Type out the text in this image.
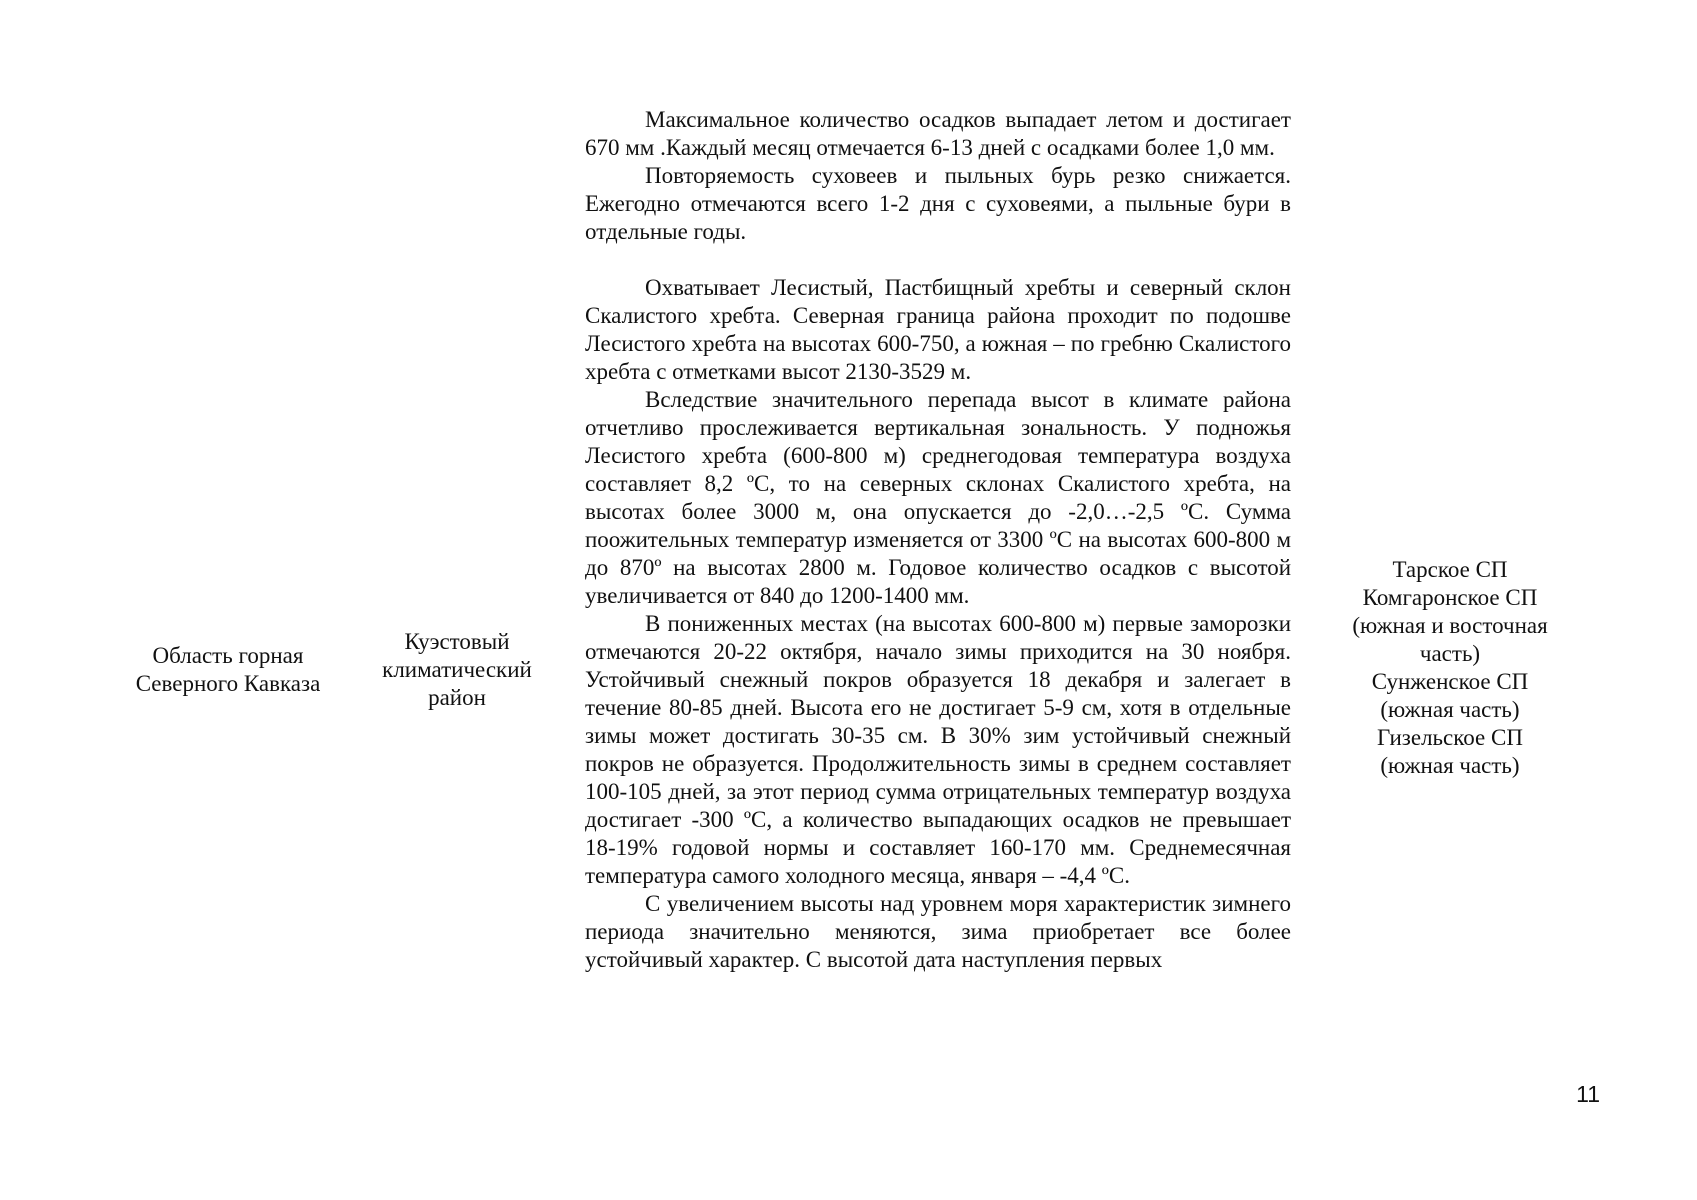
Область горная
Северного Кавказа
Куэстовый
климатический
район

Максимальное количество осадков выпадает летом и достигает 670 мм .Каждый месяц отмечается 6-13 дней с осадками более 1,0 мм.

Повторяемость суховеев и пыльных бурь резко снижается. Ежегодно отмечаются всего 1-2 дня с суховеями, а пыльные бури в отдельные годы.

Охватывает Лесистый, Пастбищный хребты и северный склон Скалистого хребта. Северная граница района проходит по подошве Лесистого хребта на высотах 600-750, а южная – по гребню Скалистого хребта с отметками высот 2130-3529 м.

Вследствие значительного перепада высот в климате района отчетливо прослеживается вертикальная зональность. У подножья Лесистого хребта (600-800 м) среднегодовая температура воздуха составляет 8,2 ºС, то на северных склонах Скалистого хребта, на высотах более 3000 м, она опускается до -2,0…-2,5 ºС. Сумма поожительных температур изменяется от 3300 ºС на высотах 600-800 м до 870º на высотах 2800 м. Годовое количество осадков с высотой увеличивается от 840 до 1200-1400 мм.

В пониженных местах (на высотах 600-800 м) первые заморозки отмечаются 20-22 октября, начало зимы приходится на 30 ноября. Устойчивый снежный покров образуется 18 декабря и залегает в течение 80-85 дней. Высота его не достигает 5-9 см, хотя в отдельные зимы может достигать 30-35 см. В 30% зим устойчивый снежный покров не образуется. Продолжительность зимы в среднем составляет 100-105 дней, за этот период сумма отрицательных температур воздуха достигает -300 ºС, а количество выпадающих осадков не превышает 18-19% годовой нормы и составляет 160-170 мм. Среднемесячная температура самого холодного месяца, января – -4,4 ºС.

С увеличением высоты над уровнем моря характеристик зимнего периода значительно меняются, зима приобретает все более устойчивый характер. С высотой дата наступления первых

Тарское СП
Комгаронское СП
(южная и восточная
часть)
Сунженское СП
(южная часть)
Гизельское СП
(южная часть)
11
